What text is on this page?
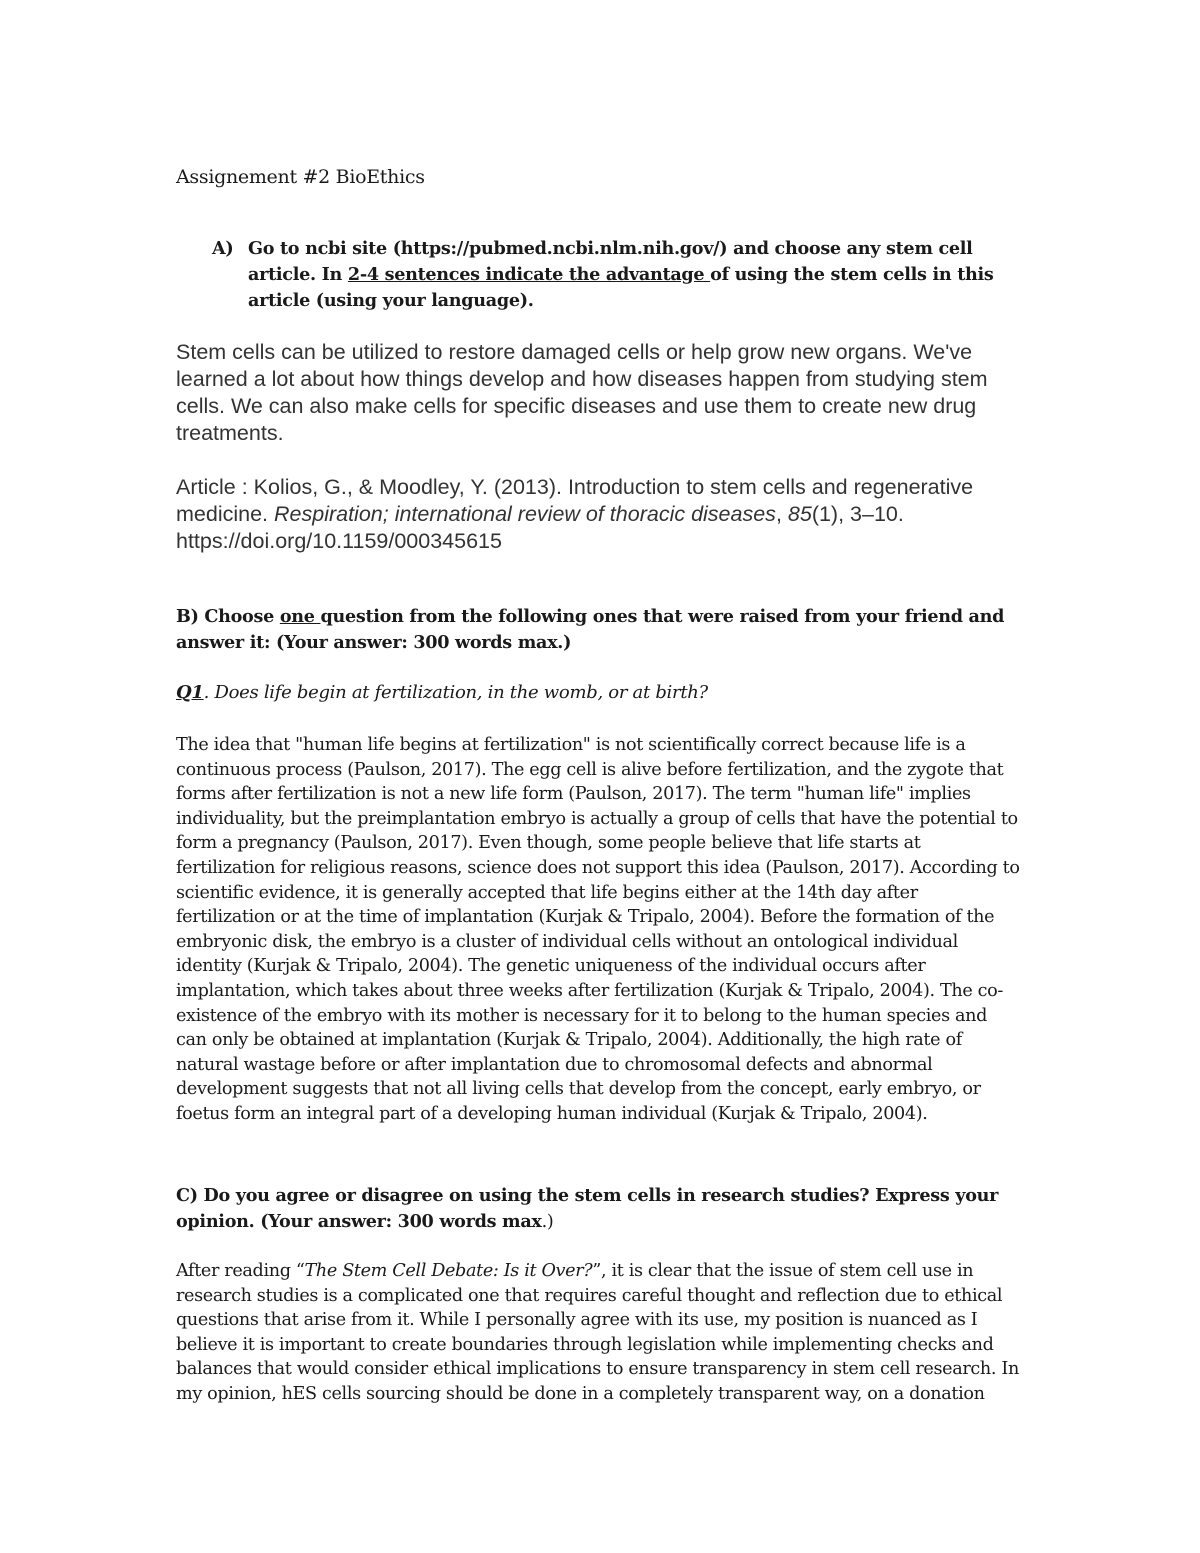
Assignement #2 BioEthics

A) Go to ncbi site (https://pubmed.ncbi.nlm.nih.gov/) and choose any stem cell article. In 2-4 sentences indicate the advantage of using the stem cells in this article (using your language).

Stem cells can be utilized to restore damaged cells or help grow new organs. We've learned a lot about how things develop and how diseases happen from studying stem cells. We can also make cells for specific diseases and use them to create new drug treatments.

Article : Kolios, G., & Moodley, Y. (2013). Introduction to stem cells and regenerative medicine. Respiration; international review of thoracic diseases, 85(1), 3–10.
https://doi.org/10.1159/000345615

B) Choose one question from the following ones that were raised from your friend and answer it: (Your answer: 300 words max.)

Q1. Does life begin at fertilization, in the womb, or at birth?

The idea that "human life begins at fertilization" is not scientifically correct because life is a continuous process (Paulson, 2017). The egg cell is alive before fertilization, and the zygote that forms after fertilization is not a new life form (Paulson, 2017). The term "human life" implies individuality, but the preimplantation embryo is actually a group of cells that have the potential to form a pregnancy (Paulson, 2017). Even though, some people believe that life starts at fertilization for religious reasons, science does not support this idea (Paulson, 2017). According to scientific evidence, it is generally accepted that life begins either at the 14th day after fertilization or at the time of implantation (Kurjak & Tripalo, 2004). Before the formation of the embryonic disk, the embryo is a cluster of individual cells without an ontological individual identity (Kurjak & Tripalo, 2004). The genetic uniqueness of the individual occurs after implantation, which takes about three weeks after fertilization (Kurjak & Tripalo, 2004). The co-existence of the embryo with its mother is necessary for it to belong to the human species and can only be obtained at implantation (Kurjak & Tripalo, 2004). Additionally, the high rate of natural wastage before or after implantation due to chromosomal defects and abnormal development suggests that not all living cells that develop from the concept, early embryo, or foetus form an integral part of a developing human individual (Kurjak & Tripalo, 2004).

C) Do you agree or disagree on using the stem cells in research studies? Express your opinion. (Your answer: 300 words max.)

After reading “The Stem Cell Debate: Is it Over?”, it is clear that the issue of stem cell use in research studies is a complicated one that requires careful thought and reflection due to ethical questions that arise from it. While I personally agree with its use, my position is nuanced as I believe it is important to create boundaries through legislation while implementing checks and balances that would consider ethical implications to ensure transparency in stem cell research. In my opinion, hES cells sourcing should be done in a completely transparent way, on a donation
